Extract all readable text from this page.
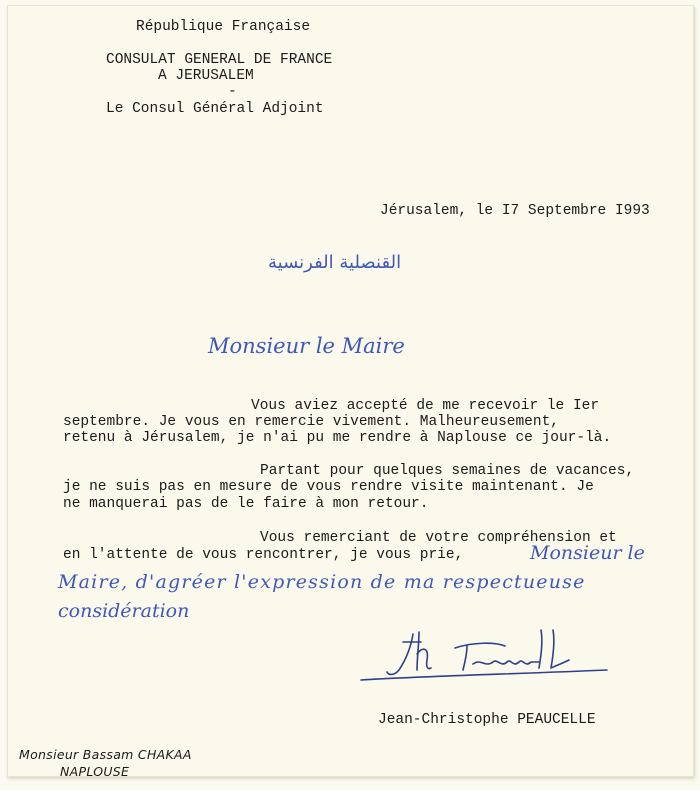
République Française
CONSULAT GENERAL DE FRANCE
A JERUSALEM
-
Le Consul Général Adjoint
Jérusalem, le I7 Septembre I993
القنصلية الفرنسية
Monsieur le Maire
Vous aviez accepté de me recevoir le Ier
septembre. Je vous en remercie vivement. Malheureusement,
retenu à Jérusalem, je n'ai pu me rendre à Naplouse ce jour-là.
Partant pour quelques semaines de vacances,
je ne suis pas en mesure de vous rendre visite maintenant. Je
ne manquerai pas de le faire à mon retour.
Vous remerciant de votre compréhension et
en l'attente de vous rencontrer, je vous prie,	Monsieur le
Maire, d'agréer l'expression de ma respectueuse
considération
Jean-Christophe PEAUCELLE
Monsieur Bassam CHAKAA
NAPLOUSE
